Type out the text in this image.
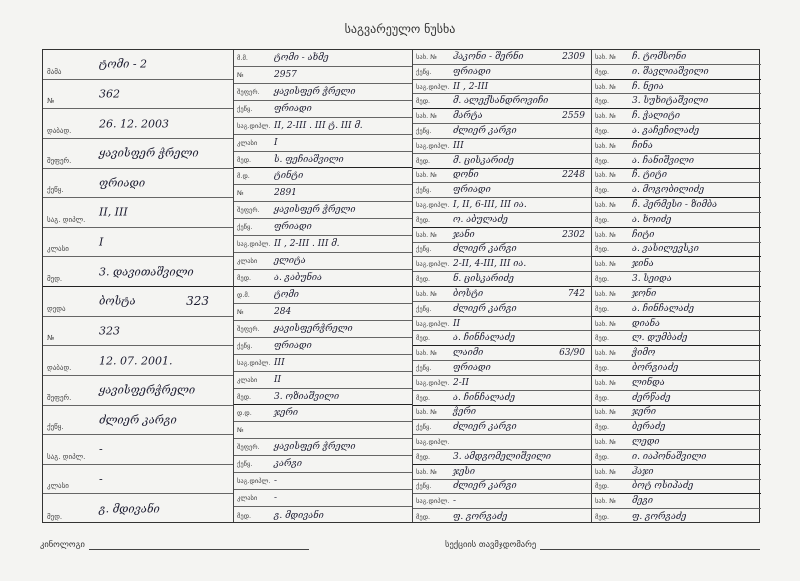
საგვარეულო ნუსხა
მამა
ტომი - 2
№
362
დაბად.
26. 12. 2003
შეფერ.
ყავისფერ ჭრელი
ქეწყ.
ფრიადი
საგ. დიპლ.
II, III
კლასი
I
მედ.
3. დავითაშვილი
დედა
ბოსტა	323
№
323
დაბად.
12. 07. 2001.
შეფერ.
ყავისფერჭრელი
ქეწყ.
ძლიერ კარგი
საგ. დიპლ.
-
კლასი
-
მედ.
გ. მდივანი
მ.მ.	ტომი - ახმე
№	2957
შეფერ. ყავისფერ ჭრელი
ქეწყ. ფრიადი
საგ.დიპლ. II, 2-III . III ტ. III მ.
კლასი I
მედ.	ს. ფეჩიაშვილი
მ.დ.	ტინტი
№	2891
შეფერ. ყავისფერ ჭრელი
ქეწყ. ფრიადი
საგ.დიპლ. II , 2-III . III მ.
კლასი ელიტა
მედ.	ა. გაბუნია
დ.მ.	ტომი
№	284
შეფერ. ყავისფერჭრელი
ქეწყ. ფრიადი
საგ.დიპლ. III
კლასი II
მედ.	3. ოზიაშვილი
დ.დ. ჯერი
№
შეფერ. ყავისფერ ჭრელი
ქეწყ. კარგი
საგ.დიპლ. -
კლასი -
მედ.	გ. მდივანი
სახ. № ჰაკონი - შერნი	2309
ქეწყ. ფრიადი
საგ.დიპლ. II , 2-III
მედ.	მ. ალექსანდროვიჩი
სახ. № მარტა	2559
ქეწყ. ძლიერ კარგი
საგ.დიპლ. III
მედ.	მ. ცისკარიძე
სახ. № დონი	2248
ქეწყ. ფრიადი
საგ.დიპლ. I, II, 6-III, III ია.
მედ.	ო. აბულაძე
სახ. № ჯანი	2302
ქეწყ. ძლიერ კარგი
საგ.დიპლ. 2-II, 4-III, III ია.
მედ.	ნ. ცისკარიძე
სახ. № ბოსტი	742
ქეწყ. ძლიერ კარგი
საგ.დიპლ. II
მედ.	ა. ჩინჩალაძე
სახ. № ლაიმი	63/90
ქეწყ. ფრიადი
საგ.დიპლ. 2-II
მედ.	ა. ჩინჩალაძე
სახ. № ჭერი
ქეწყ. ძლიერ კარგი
საგ.დიპლ.
მედ.	3. ამდგომელიშვილი
სახ. № ჯესი
ქეწყ. ძლიერ კარგი
საგ.დიპლ. -
მედ.	ფ. გორგაძე
სახ. № ჩ. ტომსონი
მედ.	ი. შავლიაშვილი
სახ. № ჩ. ნეია
მედ.	3. სუხიტაშვილი
სახ. № ჩ. ჭალიტი
მედ.	ა. გაჩეჩილაძე
სახ. № ჩინა
მედ.	ა. ჩანიშვილი
სახ. № ჩ. ტიტი
მედ.	ა. მოგობილიძე
სახ. № ჩ. ჰერმესი - ზიმბა
მედ.	ა. ხოიძე
სახ. № ჩიტი
მედ.	ა. ვასილევსკი
სახ. № ჯინა
მედ.	3. სეიდა
სახ. № ჯონი
მედ.	ა. ჩინჩალაძე
სახ. № დიანა
მედ.	ლ. დუმბაძე
სახ. № ჭიმო
მედ.	ბორგიაძე
სახ. № ლინდა
მედ.	ძერწაძე
სახ. № ჯერი
მედ.	ბერაძე
სახ. № ლედი
მედ.	ი. იაპონაშვილი
სახ. № ჰაჯი
მედ.	ბოტ ოსიპაძე
სახ. № მეგი
მედ.	ფ. გორგაძე
კინოლოგი	სექციის თავმჯდომარე
